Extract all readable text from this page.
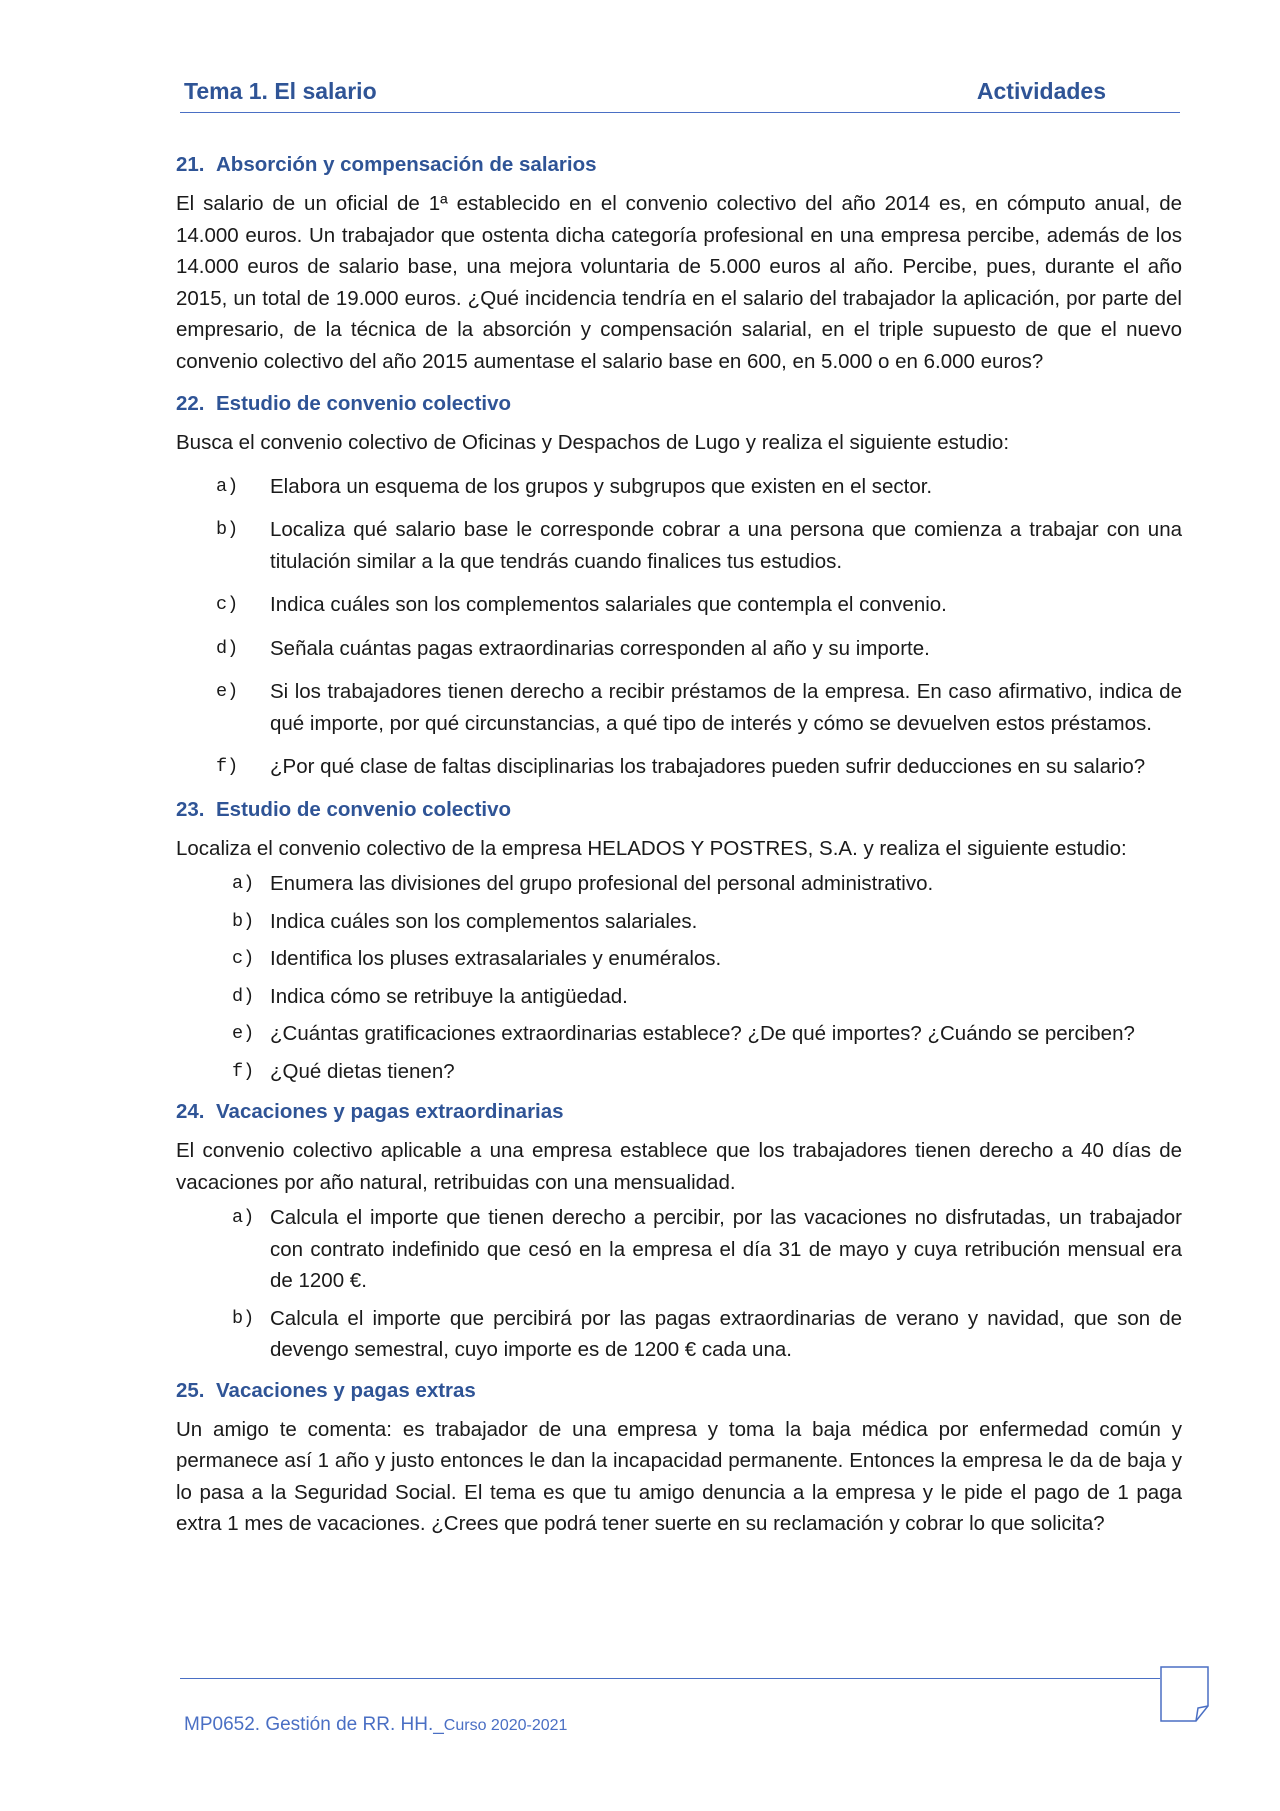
Tema 1. El salario	Actividades
21. Absorción y compensación de salarios

El salario de un oficial de 1ª establecido en el convenio colectivo del año 2014 es, en cómputo anual, de 14.000 euros. Un trabajador que ostenta dicha categoría profesional en una empresa percibe, además de los 14.000 euros de salario base, una mejora voluntaria de 5.000 euros al año. Percibe, pues, durante el año 2015, un total de 19.000 euros. ¿Qué incidencia tendría en el salario del trabajador la aplicación, por parte del empresario, de la técnica de la absorción y compensación salarial, en el triple supuesto de que el nuevo convenio colectivo del año 2015 aumentase el salario base en 600, en 5.000 o en 6.000 euros?

22. Estudio de convenio colectivo

Busca el convenio colectivo de Oficinas y Despachos de Lugo y realiza el siguiente estudio:

a)	Elabora un esquema de los grupos y subgrupos que existen en el sector.
b)	Localiza qué salario base le corresponde cobrar a una persona que comienza a trabajar con una titulación similar a la que tendrás cuando finalices tus estudios.
c)	Indica cuáles son los complementos salariales que contempla el convenio.
d)	Señala cuántas pagas extraordinarias corresponden al año y su importe.
e)	Si los trabajadores tienen derecho a recibir préstamos de la empresa. En caso afirmativo, indica de qué importe, por qué circunstancias, a qué tipo de interés y cómo se devuelven estos préstamos.
f)	¿Por qué clase de faltas disciplinarias los trabajadores pueden sufrir deducciones en su salario?
23. Estudio de convenio colectivo

Localiza el convenio colectivo de la empresa HELADOS Y POSTRES, S.A. y realiza el siguiente estudio:

a) Enumera las divisiones del grupo profesional del personal administrativo.
b) Indica cuáles son los complementos salariales.
c) Identifica los pluses extrasalariales y enuméralos.
d) Indica cómo se retribuye la antigüedad.
e) ¿Cuántas gratificaciones extraordinarias establece? ¿De qué importes? ¿Cuándo se perciben?
f) ¿Qué dietas tienen?
24. Vacaciones y pagas extraordinarias

El convenio colectivo aplicable a una empresa establece que los trabajadores tienen derecho a 40 días de vacaciones por año natural, retribuidas con una mensualidad.

a) Calcula el importe que tienen derecho a percibir, por las vacaciones no disfrutadas, un trabajador con contrato indefinido que cesó en la empresa el día 31 de mayo y cuya retribución mensual era de 1200 €.
b) Calcula el importe que percibirá por las pagas extraordinarias de verano y navidad, que son de devengo semestral, cuyo importe es de 1200 € cada una.
25. Vacaciones y pagas extras

Un amigo te comenta: es trabajador de una empresa y toma la baja médica por enfermedad común y permanece así 1 año y justo entonces le dan la incapacidad permanente. Entonces la empresa le da de baja y lo pasa a la Seguridad Social. El tema es que tu amigo denuncia a la empresa y le pide el pago de 1 paga extra 1 mes de vacaciones. ¿Crees que podrá tener suerte en su reclamación y cobrar lo que solicita?

MP0652. Gestión de RR. HH._Curso 2020-2021
